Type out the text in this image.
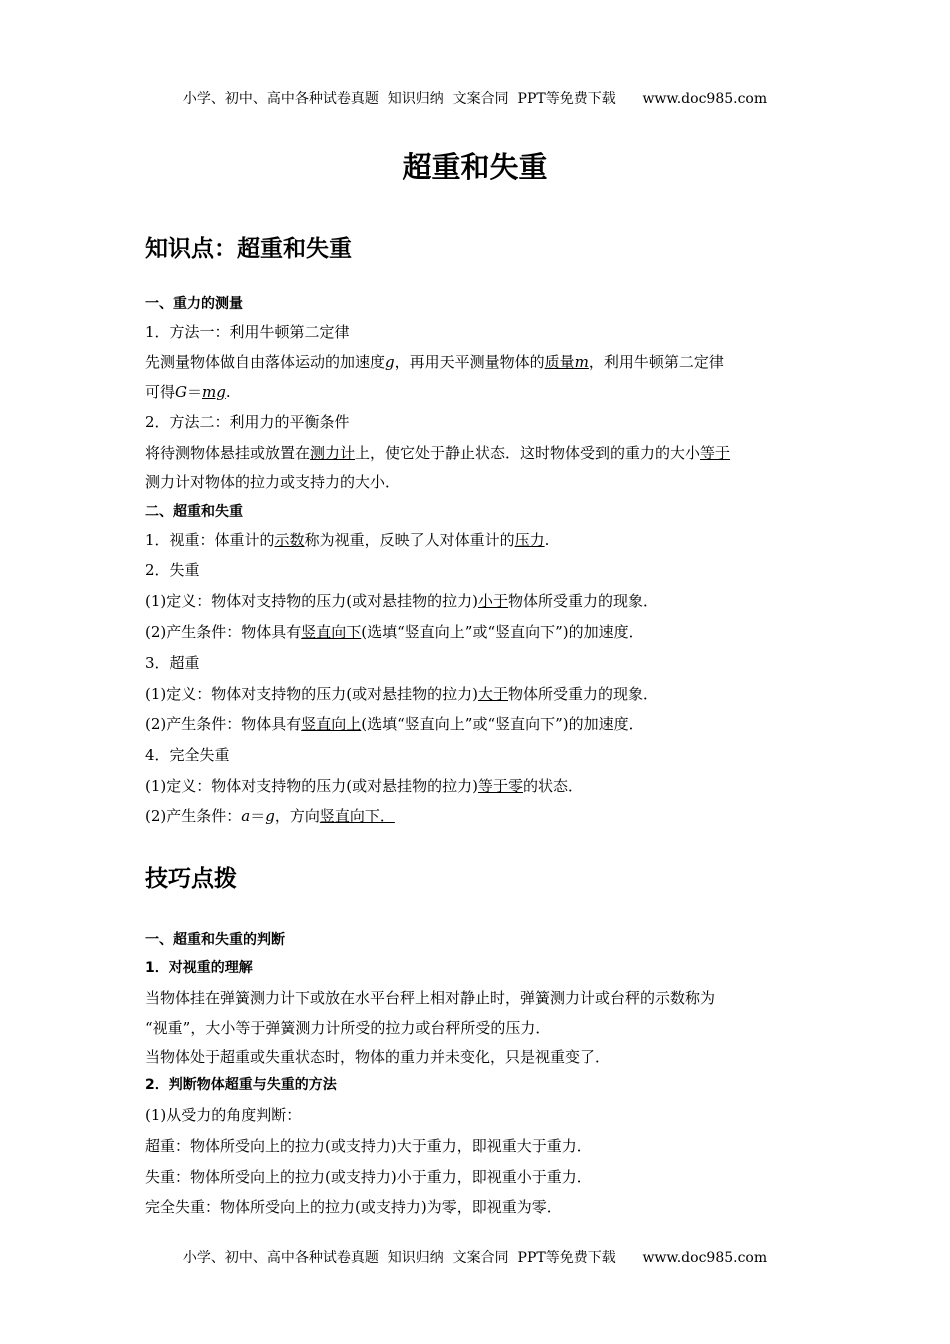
小学、初中、高中各种试卷真题  知识归纳  文案合同  PPT等免费下载      www.doc985.com
超重和失重
知识点：超重和失重
一、重力的测量
1．方法一：利用牛顿第二定律
先测量物体做自由落体运动的加速度g，再用天平测量物体的质量m，利用牛顿第二定律
可得G＝mg.
2．方法二：利用力的平衡条件
将待测物体悬挂或放置在测力计上，使它处于静止状态．这时物体受到的重力的大小等于
测力计对物体的拉力或支持力的大小．
二、超重和失重
1．视重：体重计的示数称为视重，反映了人对体重计的压力.
2．失重
(1)定义：物体对支持物的压力(或对悬挂物的拉力)小于物体所受重力的现象．
(2)产生条件：物体具有竖直向下(选填“竖直向上”或“竖直向下”)的加速度．
3．超重
(1)定义：物体对支持物的压力(或对悬挂物的拉力)大于物体所受重力的现象．
(2)产生条件：物体具有竖直向上(选填“竖直向上”或“竖直向下”)的加速度．
4．完全失重
(1)定义：物体对支持物的压力(或对悬挂物的拉力)等于零的状态．
(2)产生条件：a＝g，方向竖直向下．
技巧点拨
一、超重和失重的判断
1．对视重的理解
当物体挂在弹簧测力计下或放在水平台秤上相对静止时，弹簧测力计或台秤的示数称为
“视重”，大小等于弹簧测力计所受的拉力或台秤所受的压力．
当物体处于超重或失重状态时，物体的重力并未变化，只是视重变了．
2．判断物体超重与失重的方法
(1)从受力的角度判断：
超重：物体所受向上的拉力(或支持力)大于重力，即视重大于重力．
失重：物体所受向上的拉力(或支持力)小于重力，即视重小于重力．
完全失重：物体所受向上的拉力(或支持力)为零，即视重为零．
小学、初中、高中各种试卷真题  知识归纳  文案合同  PPT等免费下载      www.doc985.com
